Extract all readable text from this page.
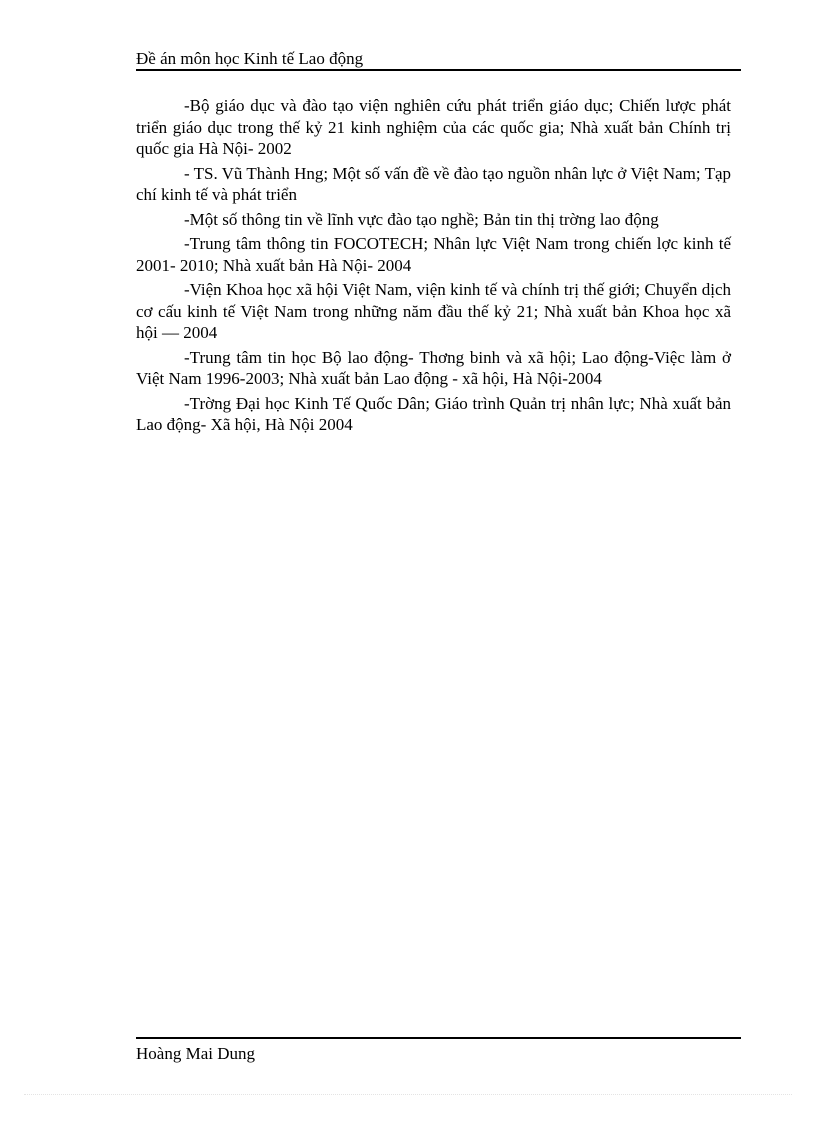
Đề án môn học Kinh tế Lao động

-Bộ giáo dục và đào tạo viện nghiên cứu phát triển giáo dục; Chiến lược phát triển giáo dục trong thế kỷ 21 kinh nghiệm của các quốc gia; Nhà xuất bản Chính trị quốc gia Hà Nội- 2002

- TS. Vũ Thành Hng; Một số vấn đề về đào tạo nguồn nhân lực ở Việt Nam; Tạp chí kinh tế và phát triển

-Một số thông tin về lĩnh vực đào tạo nghề; Bản tin thị trờng lao động

-Trung tâm thông tin FOCOTECH; Nhân lực Việt Nam trong chiến lợc kinh tế 2001- 2010; Nhà xuất bản Hà Nội- 2004

-Viện Khoa học xã hội Việt Nam, viện kinh tế và chính trị thế giới; Chuyển dịch cơ cấu kinh tế Việt Nam trong những năm đầu thế kỷ 21; Nhà xuất bản Khoa học xã hội — 2004

-Trung tâm tin học Bộ lao động- Thơng binh và xã hội; Lao động-Việc làm ở Việt Nam 1996-2003; Nhà xuất bản Lao động - xã hội, Hà Nội-2004

-Trờng Đại học Kinh Tế Quốc Dân; Giáo trình Quản trị nhân lực; Nhà xuất bản Lao động- Xã hội, Hà Nội 2004

Hoàng Mai Dung
